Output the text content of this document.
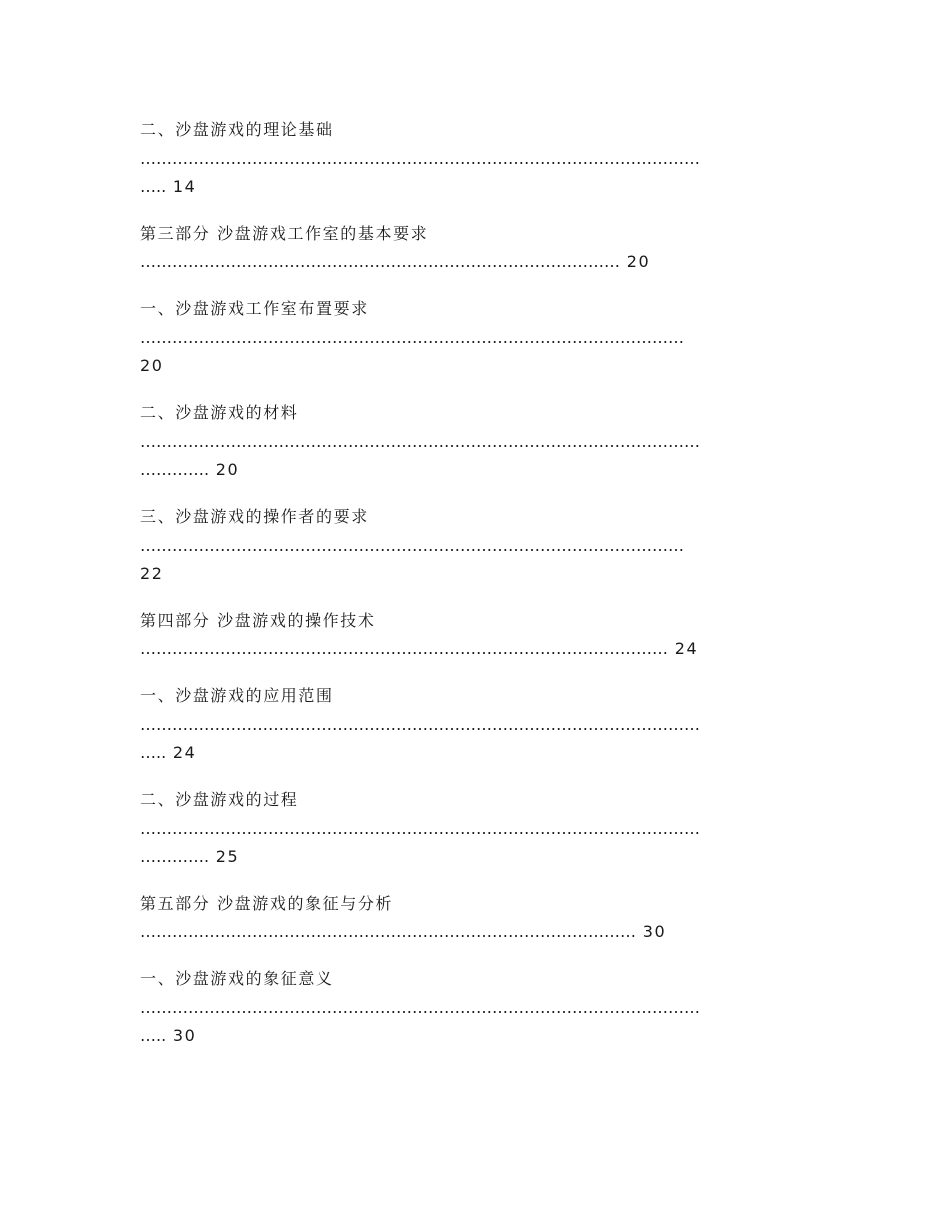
二、沙盘游戏的理论基础
……………………………………………………………………………………………
….. 14
第三部分 沙盘游戏工作室的基本要求
……………………………………………………………………………… 20
一、沙盘游戏工作室布置要求
…………………………………………………………………………………………
20
二、沙盘游戏的材料
……………………………………………………………………………………………
…………. 20
三、沙盘游戏的操作者的要求
…………………………………………………………………………………………
22
第四部分 沙盘游戏的操作技术
……………………………………………………………………………………… 24
一、沙盘游戏的应用范围
……………………………………………………………………………………………
….. 24
二、沙盘游戏的过程
……………………………………………………………………………………………
…………. 25
第五部分 沙盘游戏的象征与分析
………………………………………………………………………………… 30
一、沙盘游戏的象征意义
……………………………………………………………………………………………
….. 30
